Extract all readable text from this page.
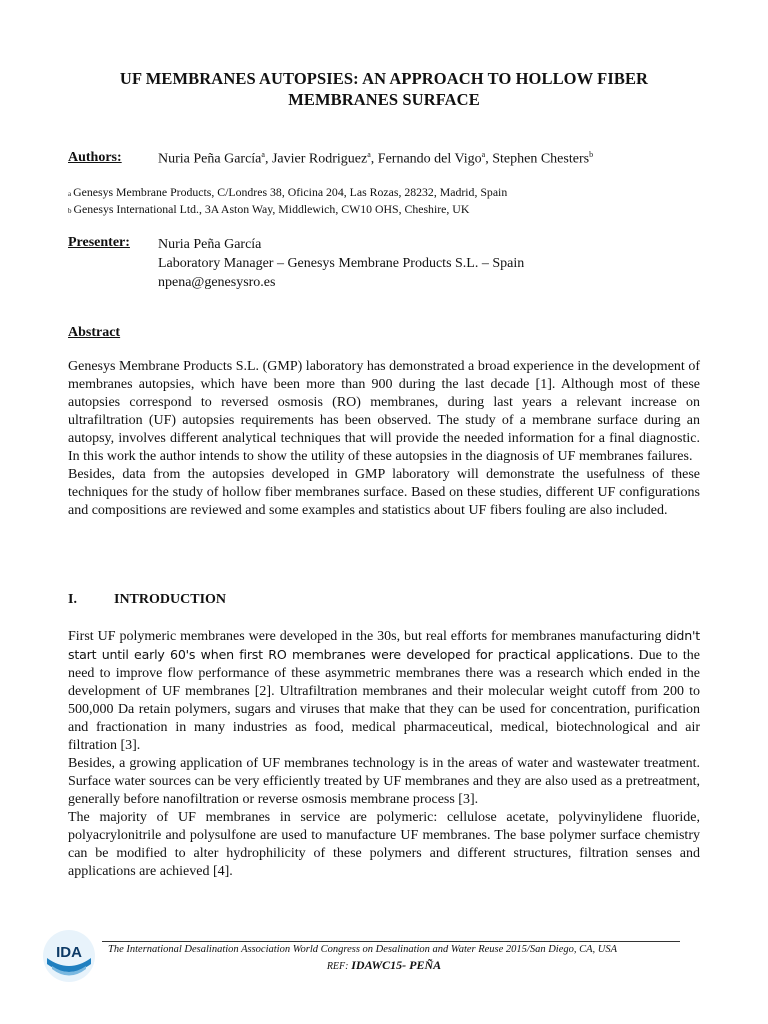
UF MEMBRANES AUTOPSIES: AN APPROACH TO HOLLOW FIBER
MEMBRANES SURFACE
Authors:	Nuria Peña García$^a$, Javier Rodriguez$^a$, Fernando del Vigo$^a$, Stephen Chesters$^b$
a Genesys Membrane Products, C/Londres 38, Oficina 204, Las Rozas, 28232, Madrid, Spain
b Genesys International Ltd., 3A Aston Way, Middlewich, CW10 OHS, Cheshire, UK
Presenter: Nuria Peña García
Laboratory Manager – Genesys Membrane Products S.L. – Spain
npena@genesysro.es
Abstract

Genesys Membrane Products S.L. (GMP) laboratory has demonstrated a broad experience in the development of membranes autopsies, which have been more than 900 during the last decade [1]. Although most of these autopsies correspond to reversed osmosis (RO) membranes, during last years a relevant increase on ultrafiltration (UF) autopsies requirements has been observed. The study of a membrane surface during an autopsy, involves different analytical techniques that will provide the needed information for a final diagnostic. In this work the author intends to show the utility of these autopsies in the diagnosis of UF membranes failures.

Besides, data from the autopsies developed in GMP laboratory will demonstrate the usefulness of these techniques for the study of hollow fiber membranes surface. Based on these studies, different UF configurations and compositions are reviewed and some examples and statistics about UF fibers fouling are also included.

I.	INTRODUCTION

First UF polymeric membranes were developed in the 30s, but real efforts for membranes manufacturing didn't start until early 60's when first RO membranes were developed for practical applications. Due to the need to improve flow performance of these asymmetric membranes there was a research which ended in the development of UF membranes [2]. Ultrafiltration membranes and their molecular weight cutoff from 200 to 500,000 Da retain polymers, sugars and viruses that make that they can be used for concentration, purification and fractionation in many industries as food, medical pharmaceutical, medical, biotechnological and air filtration [3].

Besides, a growing application of UF membranes technology is in the areas of water and wastewater treatment. Surface water sources can be very efficiently treated by UF membranes and they are also used as a pretreatment, generally before nanofiltration or reverse osmosis membrane process [3].

The majority of UF membranes in service are polymeric: cellulose acetate, polyvinylidene fluoride, polyacrylonitrile and polysulfone are used to manufacture UF membranes. The base polymer surface chemistry can be modified to alter hydrophilicity of these polymers and different structures, filtration senses and applications are achieved [4].

IDA The International Desalination Association World Congress on Desalination and Water Reuse 2015/San Diego, CA, USA
REF: IDAWC15- PEÑA
